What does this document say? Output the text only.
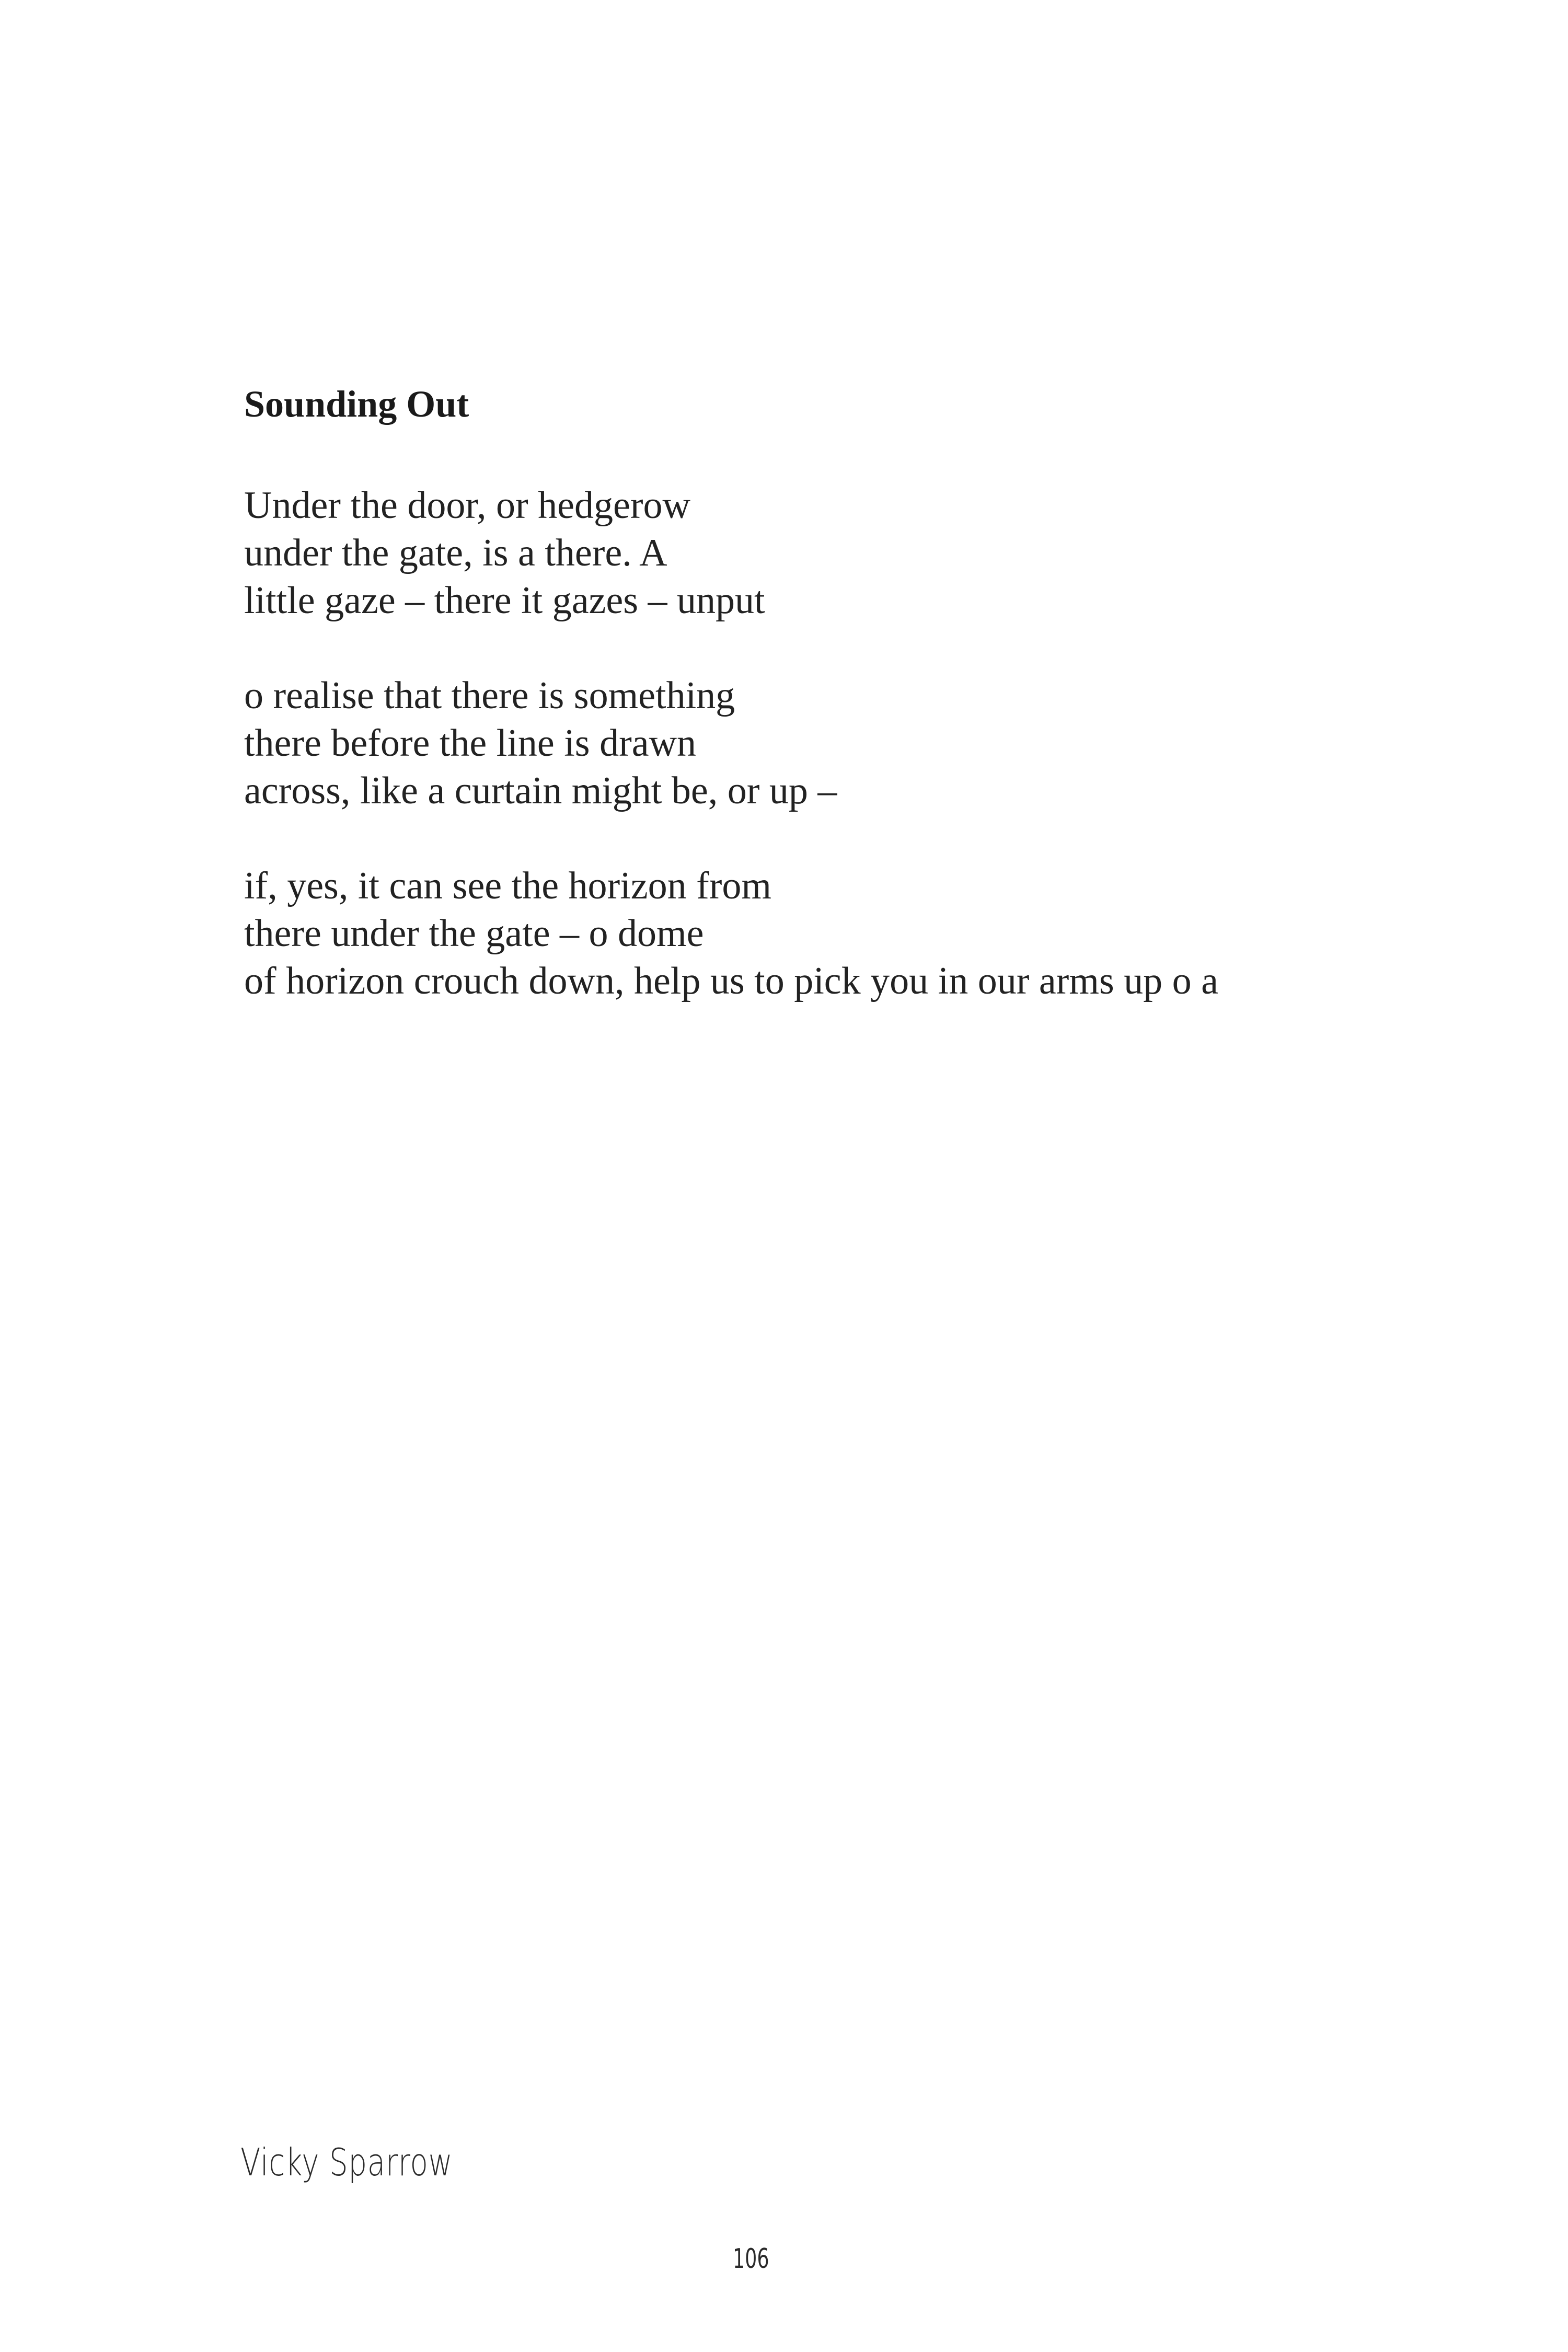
Sounding Out
Under the door, or hedgerow
under the gate, is a there. A
little gaze – there it gazes – unput
o realise that there is something
there before the line is drawn
across, like a curtain might be, or up –
if, yes, it can see the horizon from
there under the gate – o dome
of horizon crouch down, help us to pick you in our arms up o a

Vicky Sparrow

106
